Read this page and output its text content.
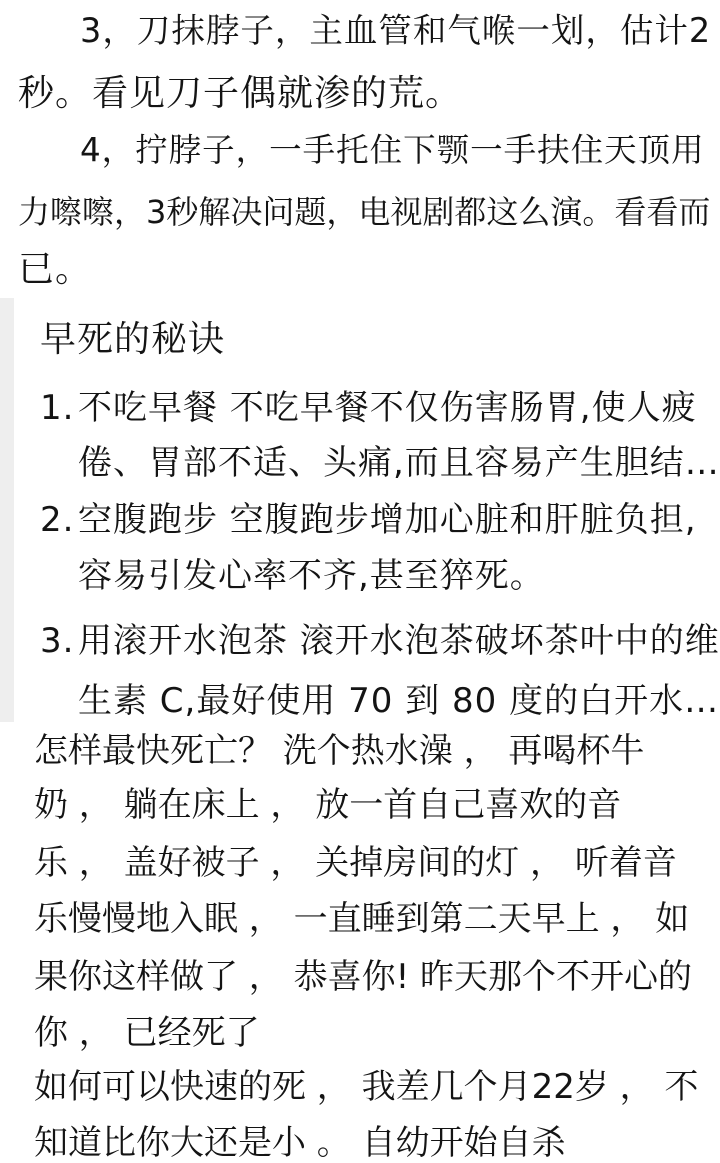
3，刀抹脖子，主血管和气喉一划，估计2
秒。看见刀子偶就渗的荒。
4，拧脖子，一手托住下颚一手扶住天顶用
力嚓嚓，3秒解决问题，电视剧都这么演。看看而
已。
早死的秘诀
1. 不吃早餐 不吃早餐不仅伤害肠胃,使人疲
倦、胃部不适、头痛,而且容易产生胆结…
2. 空腹跑步 空腹跑步增加心脏和肝脏负担,
容易引发心率不齐,甚至猝死。
3. 用滚开水泡茶 滚开水泡茶破坏茶叶中的维
生素 C,最好使用 70 到 80 度的白开水…
怎样最快死亡？ 洗个热水澡 ， 再喝杯牛
奶 ， 躺在床上 ， 放一首自己喜欢的音
乐 ， 盖好被子 ， 关掉房间的灯 ， 听着音
乐慢慢地入眠 ， 一直睡到第二天早上 ， 如
果你这样做了 ， 恭喜你! 昨天那个不开心的
你 ， 已经死了
如何可以快速的死 ， 我差几个月22岁 ， 不
知道比你大还是小 。 自幼开始自杀
